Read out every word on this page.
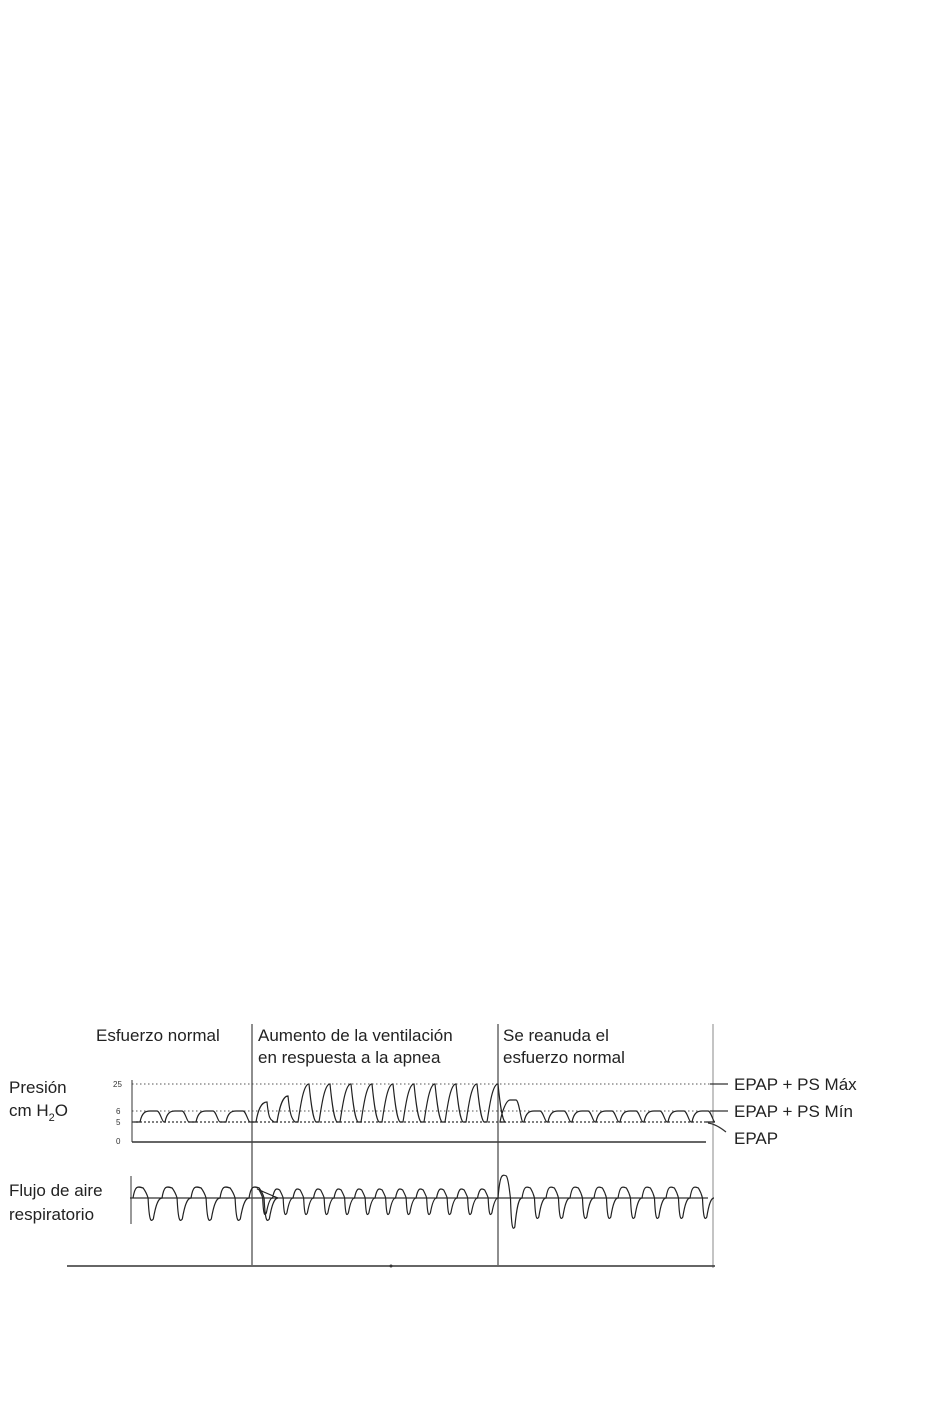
Esfuerzo normal Aumento de la ventilación
en respuesta a la apnea
Se reanuda el
esfuerzo normal
Presión
cm $H_2O$
Flujo de aire
respiratorio
25
6
5
0
EPAP + PS Máx
EPAP + PS Mín
EPAP
